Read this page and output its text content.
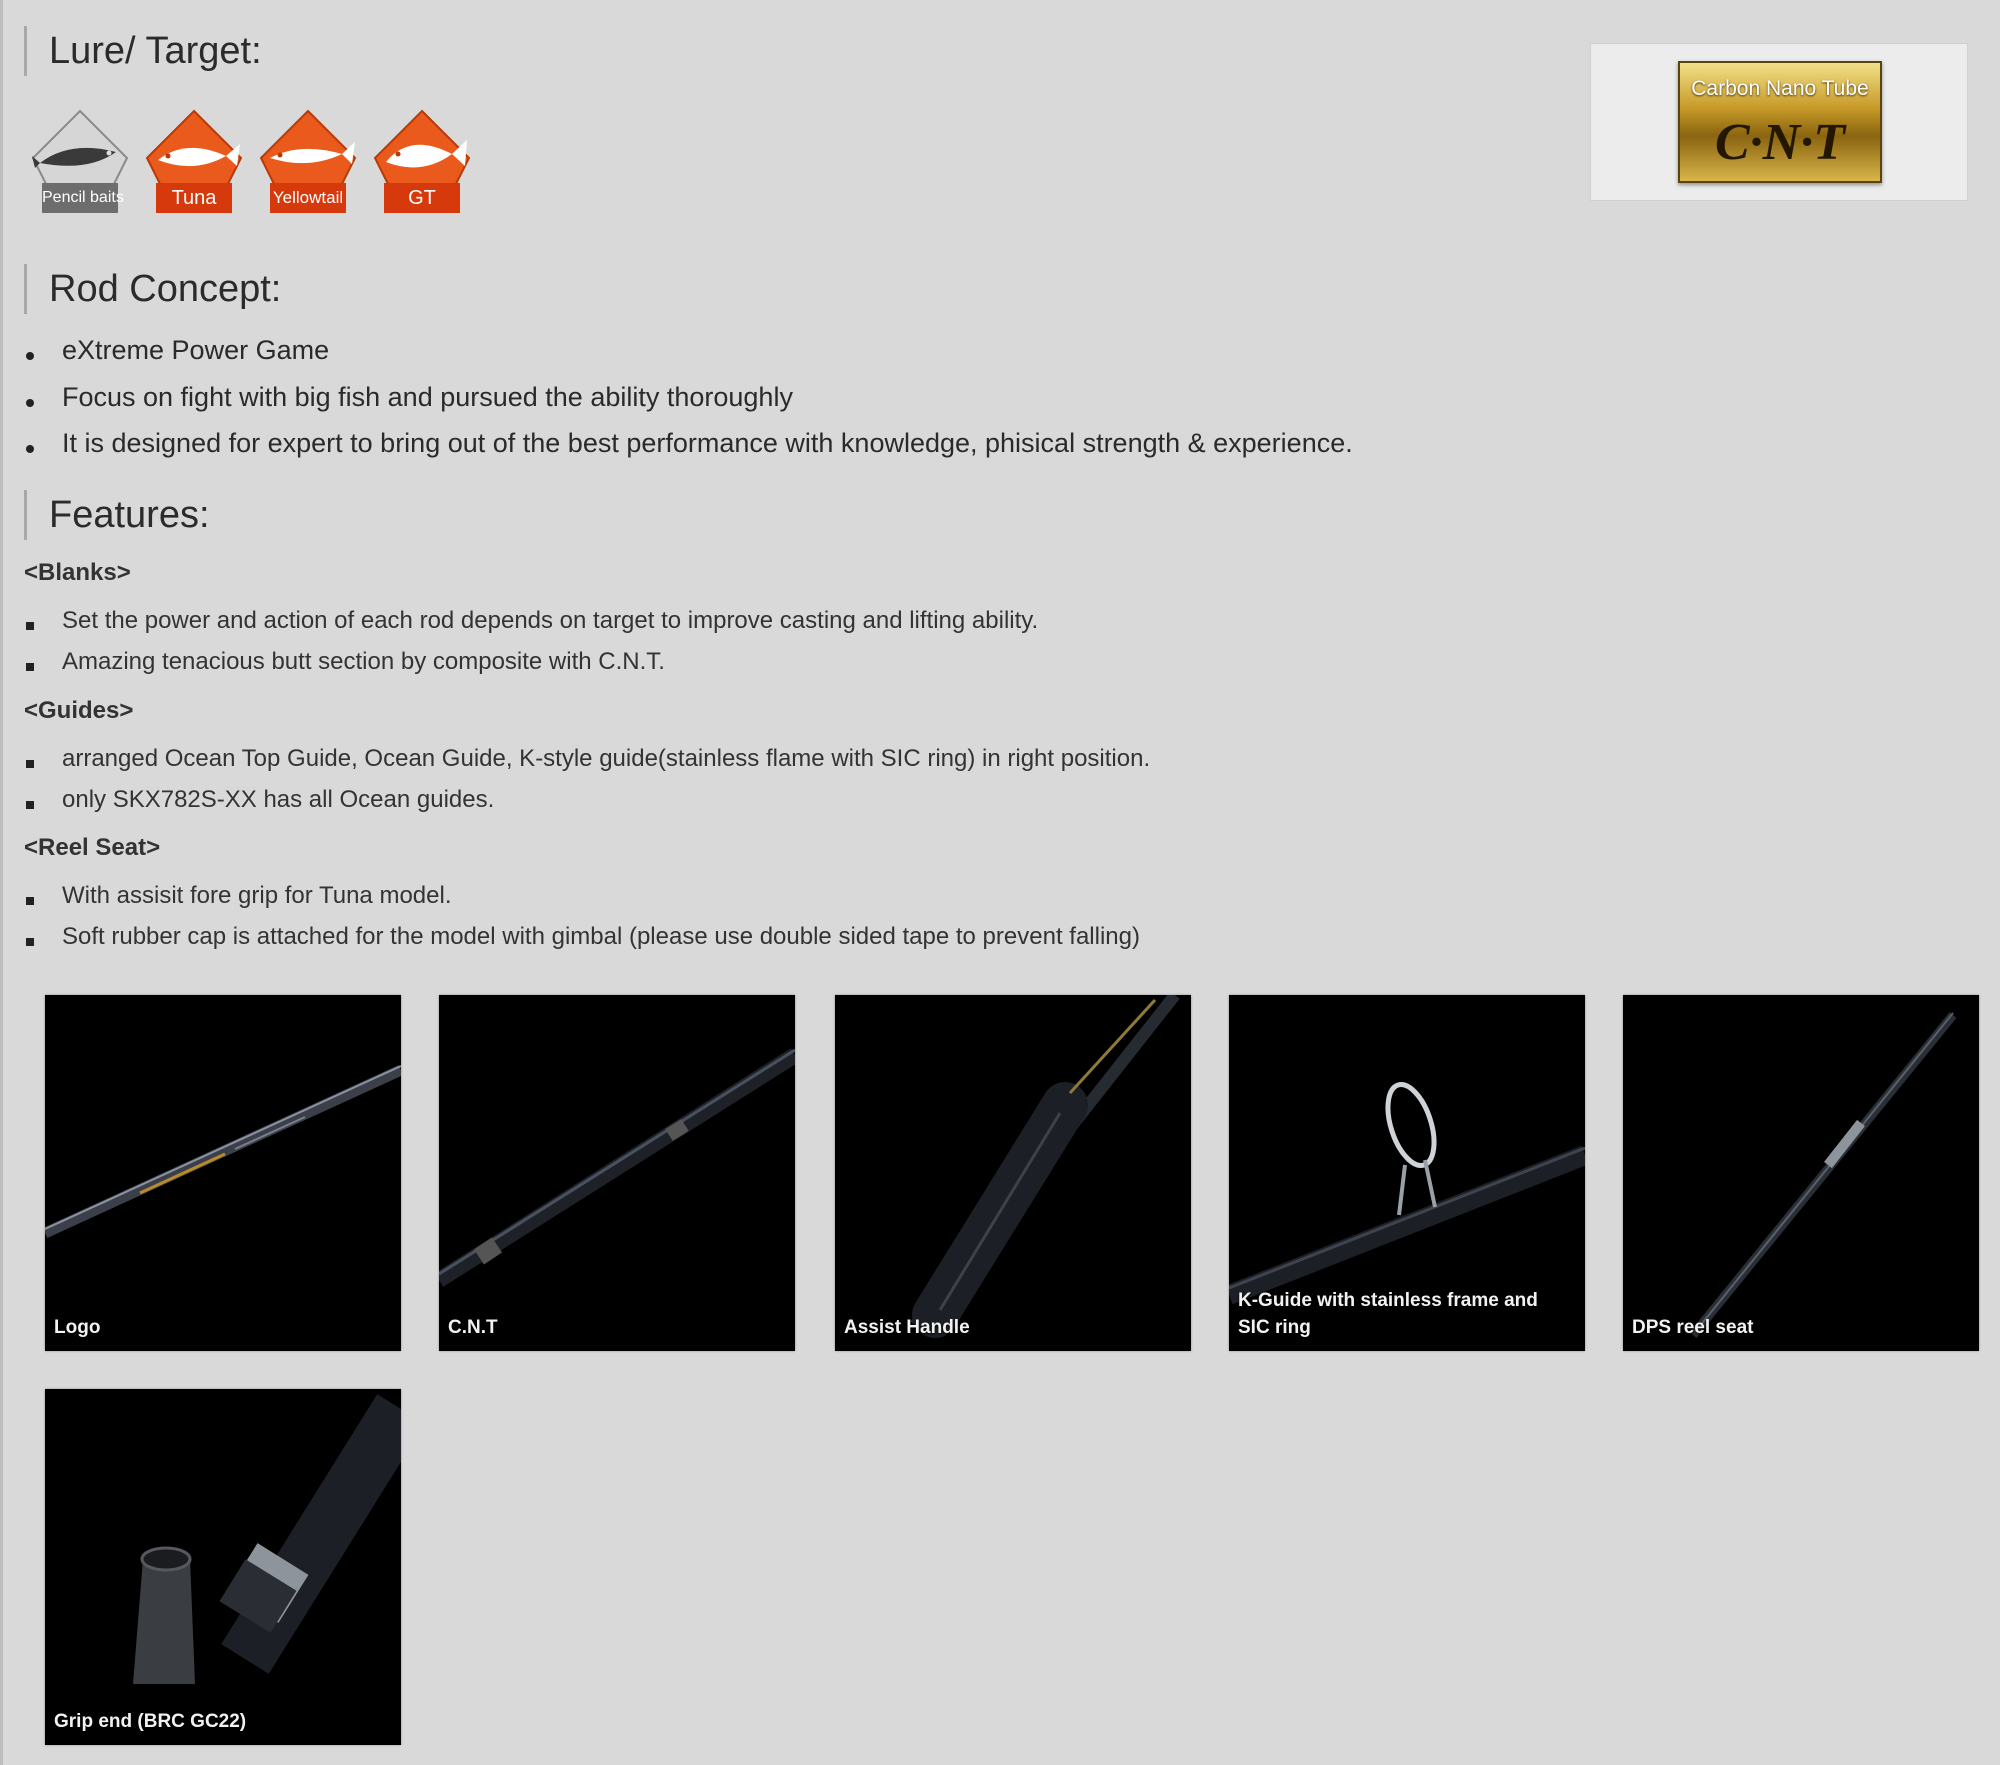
Lure/ Target:
Pencil baits	Tuna	Yellowtail	GT
Carbon Nano Tube
C·N·T
Rod Concept:
eXtreme Power Game
Focus on fight with big fish and pursued the ability thoroughly
It is designed for expert to bring out of the best performance with knowledge, phisical strength & experience.
Features:
<Blanks>
Set the power and action of each rod depends on target to improve casting and lifting ability.
Amazing tenacious butt section by composite with C.N.T.
<Guides>
arranged Ocean Top Guide, Ocean Guide, K-style guide(stainless flame with SIC ring) in right position.
only SKX782S-XX has all Ocean guides.
<Reel Seat>
With assisit fore grip for Tuna model.
Soft rubber cap is attached for the model with gimbal (please use double sided tape to prevent falling)
Logo	C.N.T	Assist Handle
K-Guide with stainless frame and SIC ring	DPS reel seat
Grip end (BRC GC22)
